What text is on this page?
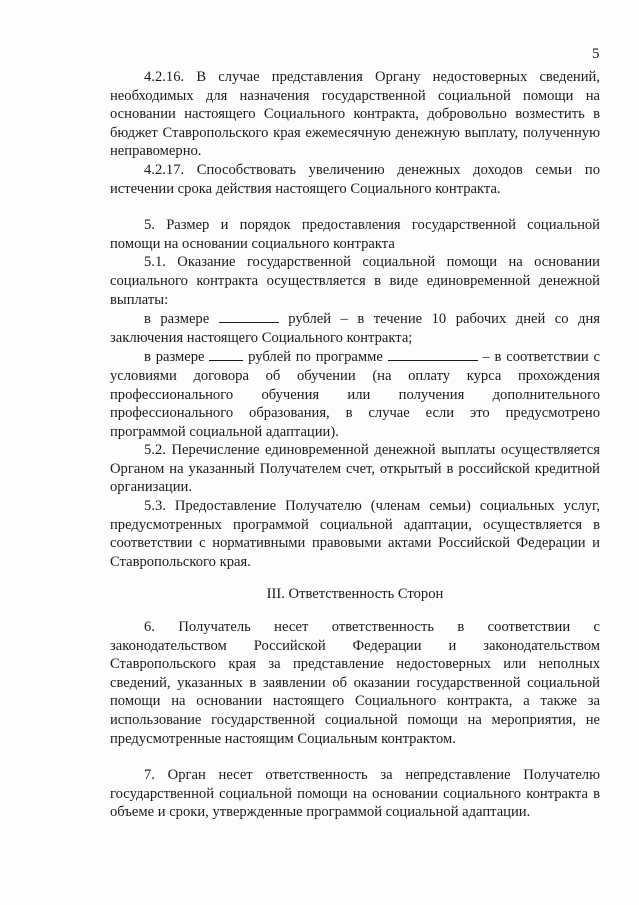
5

4.2.16. В случае представления Органу недостоверных сведений, необходимых для назначения государственной социальной помощи на основании настоящего Социального контракта, добровольно возместить в бюджет Ставропольского края ежемесячную денежную выплату, полученную неправомерно.

4.2.17. Способствовать увеличению денежных доходов семьи по истечении срока действия настоящего Социального контракта.

5. Размер и порядок предоставления государственной социальной помощи на основании социального контракта

5.1. Оказание государственной социальной помощи на основании социального контракта осуществляется в виде единовременной денежной выплаты:

в размере	рублей – в течение 10 рабочих дней со дня заключения настоящего Социального контракта;

в размере	рублей по программе	– в соответствии с условиями договора об обучении (на оплату курса прохождения профессионального обучения или получения дополнительного профессионального образования, в случае если это предусмотрено программой социальной адаптации).

5.2. Перечисление единовременной денежной выплаты осуществляется Органом на указанный Получателем счет, открытый в российской кредитной организации.

5.3. Предоставление Получателю (членам семьи) социальных услуг, предусмотренных программой социальной адаптации, осуществляется в соответствии с нормативными правовыми актами Российской Федерации и Ставропольского края.

III. Ответственность Сторон

6. Получатель несет ответственность в соответствии с законодательством Российской Федерации и законодательством Ставропольского края за представление недостоверных или неполных сведений, указанных в заявлении об оказании государственной социальной помощи на основании настоящего Социального контракта, а также за использование государственной социальной помощи на мероприятия, не предусмотренные настоящим Социальным контрактом.

7. Орган несет ответственность за непредставление Получателю государственной социальной помощи на основании социального контракта в объеме и сроки, утвержденные программой социальной адаптации.
